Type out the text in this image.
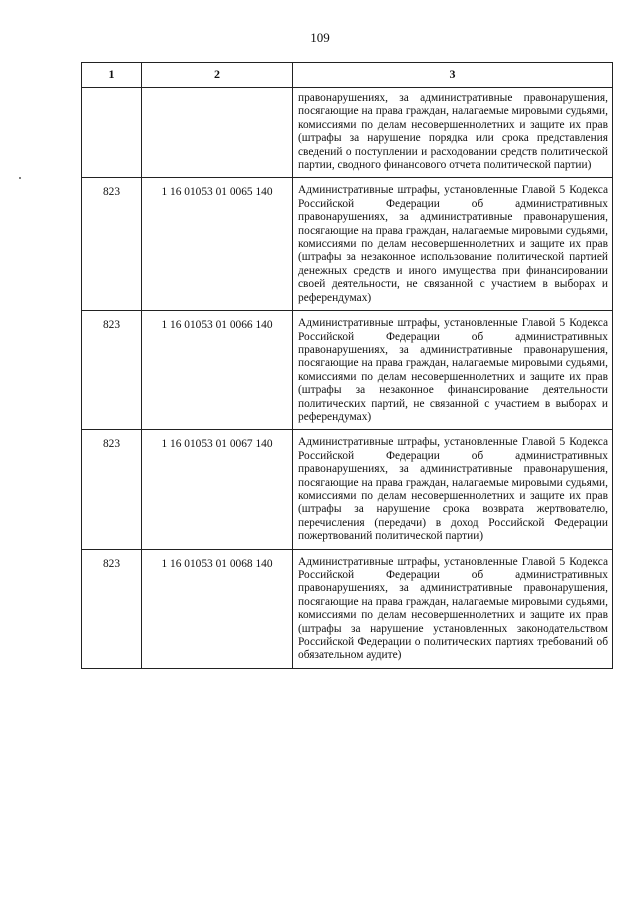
109
1	2	3
		правонарушениях, за административные правонарушения, посягающие на права граждан, налагаемые мировыми судьями, комиссиями по делам несовершеннолетних и защите их прав (штрафы за нарушение порядка или срока представления сведений о поступлении и расходовании средств политической партии, сводного финансового отчета политической партии)
823	1 16 01053 01 0065 140	Административные штрафы, установленные Главой 5 Кодекса Российской Федерации об административных правонарушениях, за административные правонарушения, посягающие на права граждан, налагаемые мировыми судьями, комиссиями по делам несовершеннолетних и защите их прав (штрафы за незаконное использование политической партией денежных средств и иного имущества при финансировании своей деятельности, не связанной с участием в выборах и референдумах)
823	1 16 01053 01 0066 140	Административные штрафы, установленные Главой 5 Кодекса Российской Федерации об административных правонарушениях, за административные правонарушения, посягающие на права граждан, налагаемые мировыми судьями, комиссиями по делам несовершеннолетних и защите их прав (штрафы за незаконное финансирование деятельности политических партий, не связанной с участием в выборах и референдумах)
823	1 16 01053 01 0067 140	Административные штрафы, установленные Главой 5 Кодекса Российской Федерации об административных правонарушениях, за административные правонарушения, посягающие на права граждан, налагаемые мировыми судьями, комиссиями по делам несовершеннолетних и защите их прав (штрафы за нарушение срока возврата жертвователю, перечисления (передачи) в доход Российской Федерации пожертвований политической партии)
823	1 16 01053 01 0068 140	Административные штрафы, установленные Главой 5 Кодекса Российской Федерации об административных правонарушениях, за административные правонарушения, посягающие на права граждан, налагаемые мировыми судьями, комиссиями по делам несовершеннолетних и защите их прав (штрафы за нарушение установленных законодательством Российской Федерации о политических партиях требований об обязательном аудите)
